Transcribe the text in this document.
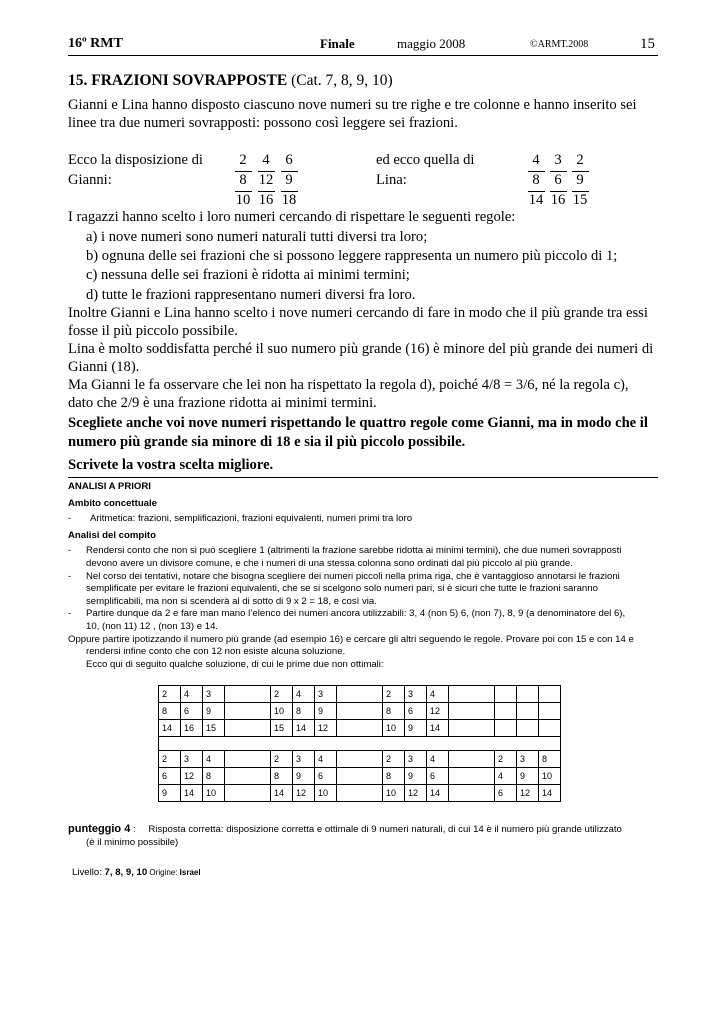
16º RMT	Finale	maggio 2008	©ARMT.2008	15
15. FRAZIONI SOVRAPPOSTE (Cat. 7, 8, 9, 10)
Gianni e Lina hanno disposto ciascuno nove numeri su tre righe e tre colonne e hanno inserito sei
linee tra due numeri sovrapposti: possono così leggere sei frazioni.
Ecco la disposizione di
Gianni:
2	4	6
8 12 9
10 16 18
ed ecco quella di
Lina:
4	3	2
8	6	9
14 16 15
I ragazzi hanno scelto i loro numeri cercando di rispettare le seguenti regole:
a) i nove numeri sono numeri naturali tutti diversi tra loro;
b) ognuna delle sei frazioni che si possono leggere rappresenta un numero più piccolo di 1;
c) nessuna delle sei frazioni è ridotta ai minimi termini;
d) tutte le frazioni rappresentano numeri diversi fra loro.
Inoltre Gianni e Lina hanno scelto i nove numeri cercando di fare in modo che il più grande tra essi
fosse il più piccolo possibile.
Lina è molto soddisfatta perché il suo numero più grande (16) è minore del più grande dei numeri di
Gianni (18).
Ma Gianni le fa osservare che lei non ha rispettato la regola d), poiché 4/8 = 3/6, né la regola c),
dato che 2/9 è una frazione ridotta ai minimi termini.
Scegliete anche voi nove numeri rispettando le quattro regole come Gianni, ma in modo che il
numero più grande sia minore di 18 e sia il più piccolo possibile.
Scrivete la vostra scelta migliore.
ANALISI A PRIORI
Ambito concettuale
- Aritmetica: frazioni, semplificazioni, frazioni equivalenti, numeri primi tra loro
Analisi del compito
- Rendersi conto che non si può scegliere 1 (altrimenti la frazione sarebbe ridotta ai minimi termini), che due numeri sovrapposti
devono avere un divisore comune, e che i numeri di una stessa colonna sono ordinati dal più piccolo al più grande.
- Nel corso dei tentativi, notare che bisogna scegliere dei numeri piccoli nella prima riga, che è vantaggioso annotarsi le frazioni
semplificate per evitare le frazioni equivalenti, che se si scelgono solo numeri pari, si è sicuri che tutte le frazioni saranno
semplificabili, ma non si scenderà al di sotto di 9 x 2 = 18, e così via.
- Partire dunque da 2 e fare man mano l’elenco dei numeri ancora utilizzabili: 3, 4 (non 5) 6, (non 7), 8, 9 (a denominatore del 6),
10, (non 11) 12 , (non 13) e 14.
Oppure partire ipotizzando il numero più grande (ad esempio 16) e cercare gli altri seguendo le regole. Provare poi con 15 e con 14 e
rendersi infine conto che con 12 non esiste alcuna soluzione.
Ecco qui di seguito qualche soluzione, di cui le prime due non ottimali:
2	4	3		2	4	3		2	3	4				
8	6	9		10	8	9		8	6	12				
14	16	15		15	14	12		10	9	14				

2	3	4		2	3	4		2	3	4		2	3	8
6	12	8		8	9	6		8	9	6		4	9	10
9	14	10		14	12	10		10	12	14		6	12	14
punteggio 4 : Risposta corretta: disposizione corretta e ottimale di 9 numeri naturali, di cui 14 è il numero più grande utilizzato
(è il minimo possibile)
Livello: 7, 8, 9, 10 Origine: Israel
